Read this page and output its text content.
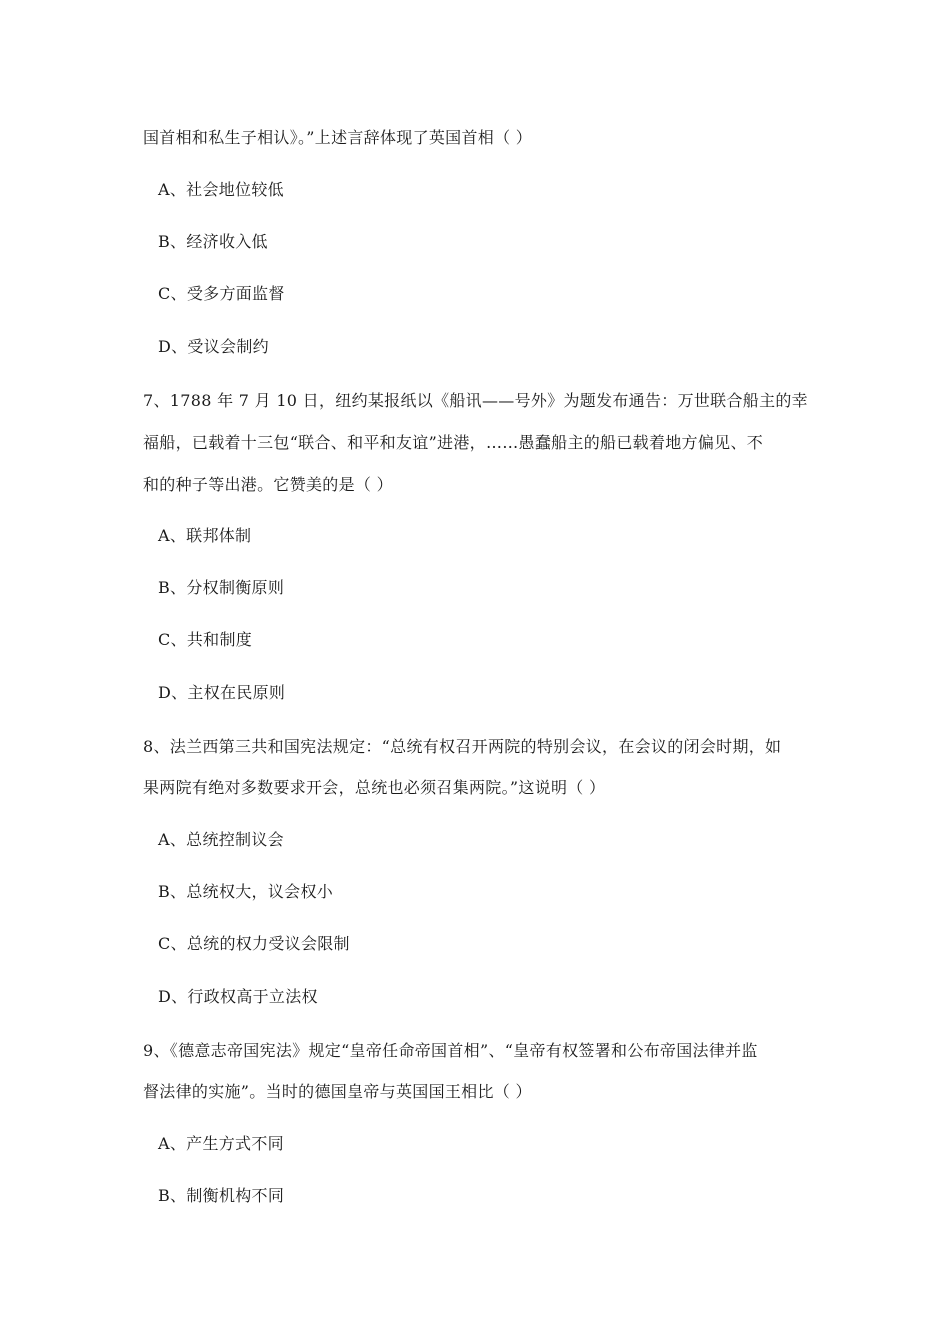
国首相和私生子相认》。”上述言辞体现了英国首相（ ）
A、社会地位较低
B、经济收入低
C、受多方面监督
D、受议会制约
7、1788 年 7 月 10 日，纽约某报纸以《船讯——号外》为题发布通告：万世联合船主的幸
福船，已载着十三包“联合、和平和友谊”进港，……愚蠢船主的船已载着地方偏见、不
和的种子等出港。它赞美的是（ ）
A、联邦体制
B、分权制衡原则
C、共和制度
D、主权在民原则
8、法兰西第三共和国宪法规定：“总统有权召开两院的特别会议，在会议的闭会时期，如
果两院有绝对多数要求开会，总统也必须召集两院。”这说明（ ）
A、总统控制议会
B、总统权大，议会权小
C、总统的权力受议会限制
D、行政权高于立法权
9、《德意志帝国宪法》规定“皇帝任命帝国首相”、“皇帝有权签署和公布帝国法律并监
督法律的实施”。当时的德国皇帝与英国国王相比（ ）
A、产生方式不同
B、制衡机构不同
